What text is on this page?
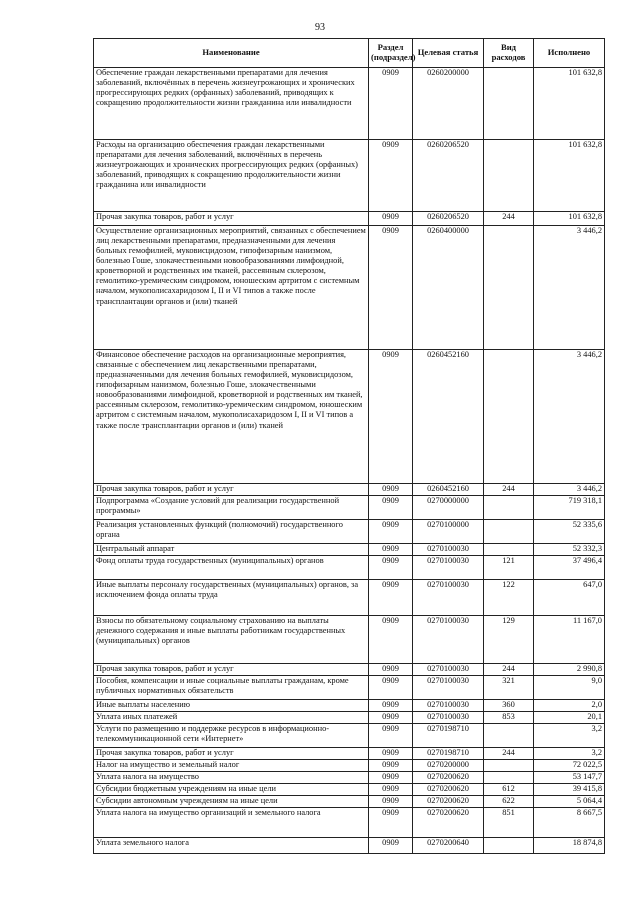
93
Наименование	Раздел (подраздел)	Целевая статья	Вид расходов	Исполнено
Обеспечение граждан лекарственными препаратами для лечения заболеваний, включённых в перечень жизнеугрожающих и хронических прогрессирующих редких (орфанных) заболеваний, приводящих к сокращению продолжительности жизни гражданина или инвалидности	0909	0260200000		101 632,8
Расходы на организацию обеспечения граждан лекарственными препаратами для лечения заболеваний, включённых в перечень жизнеугрожающих и хронических прогрессирующих редких (орфанных) заболеваний, приводящих к сокращению продолжительности жизни гражданина или инвалидности	0909	0260206520		101 632,8
Прочая закупка товаров, работ и услуг	0909	0260206520	244	101 632,8
Осуществление организационных мероприятий, связанных с обеспечением лиц лекарственными препаратами, предназначенными для лечения больных гемофилией, муковисцидозом, гипофизарным нанизмом, болезнью Гоше, злокачественными новообразованиями лимфоидной, кроветворной и родственных им тканей, рассеянным склерозом, гемолитико-уремическим синдромом, юношеским артритом с системным началом, мукополисахаридозом I, II и VI типов а также после трансплантации органов и (или) тканей	0909	0260400000		3 446,2
Финансовое обеспечение расходов на организационные мероприятия, связанные с обеспечением лиц лекарственными препаратами, предназначенными для лечения больных гемофилией, муковисцидозом, гипофизарным нанизмом, болезнью Гоше, злокачественными новообразованиями лимфоидной, кроветворной и родственных им тканей, рассеянным склерозом, гемолитико-уремическим синдромом, юношеским артритом с системным началом, мукополисахаридозом I, II и VI типов а также после трансплантации органов и (или) тканей	0909	0260452160		3 446,2
Прочая закупка товаров, работ и услуг	0909	0260452160	244	3 446,2
Подпрограмма «Создание условий для реализации государственной программы»	0909	0270000000		719 318,1
Реализация установленных функций (полномочий) государственного органа	0909	0270100000		52 335,6
Центральный аппарат	0909	0270100030		52 332,3
Фонд оплаты труда государственных (муниципальных) органов	0909	0270100030	121	37 496,4
Иные выплаты персоналу государственных (муниципальных) органов, за исключением фонда оплаты труда	0909	0270100030	122	647,0
Взносы по обязательному социальному страхованию на выплаты денежного содержания и иные выплаты работникам государственных (муниципальных) органов	0909	0270100030	129	11 167,0
Прочая закупка товаров, работ и услуг	0909	0270100030	244	2 990,8
Пособия, компенсации и иные социальные выплаты гражданам, кроме публичных нормативных обязательств	0909	0270100030	321	9,0
Иные выплаты населению	0909	0270100030	360	2,0
Уплата иных платежей	0909	0270100030	853	20,1
Услуги по размещению и поддержке ресурсов в информационно-телекоммуникационной сети «Интернет»	0909	0270198710		3,2
Прочая закупка товаров, работ и услуг	0909	0270198710	244	3,2
Налог на имущество и земельный налог	0909	0270200000		72 022,5
Уплата налога на имущество	0909	0270200620		53 147,7
Субсидии бюджетным учреждениям на иные цели	0909	0270200620	612	39 415,8
Субсидии автономным учреждениям на иные цели	0909	0270200620	622	5 064,4
Уплата налога на имущество организаций и земельного налога	0909	0270200620	851	8 667,5
Уплата земельного налога	0909	0270200640		18 874,8
